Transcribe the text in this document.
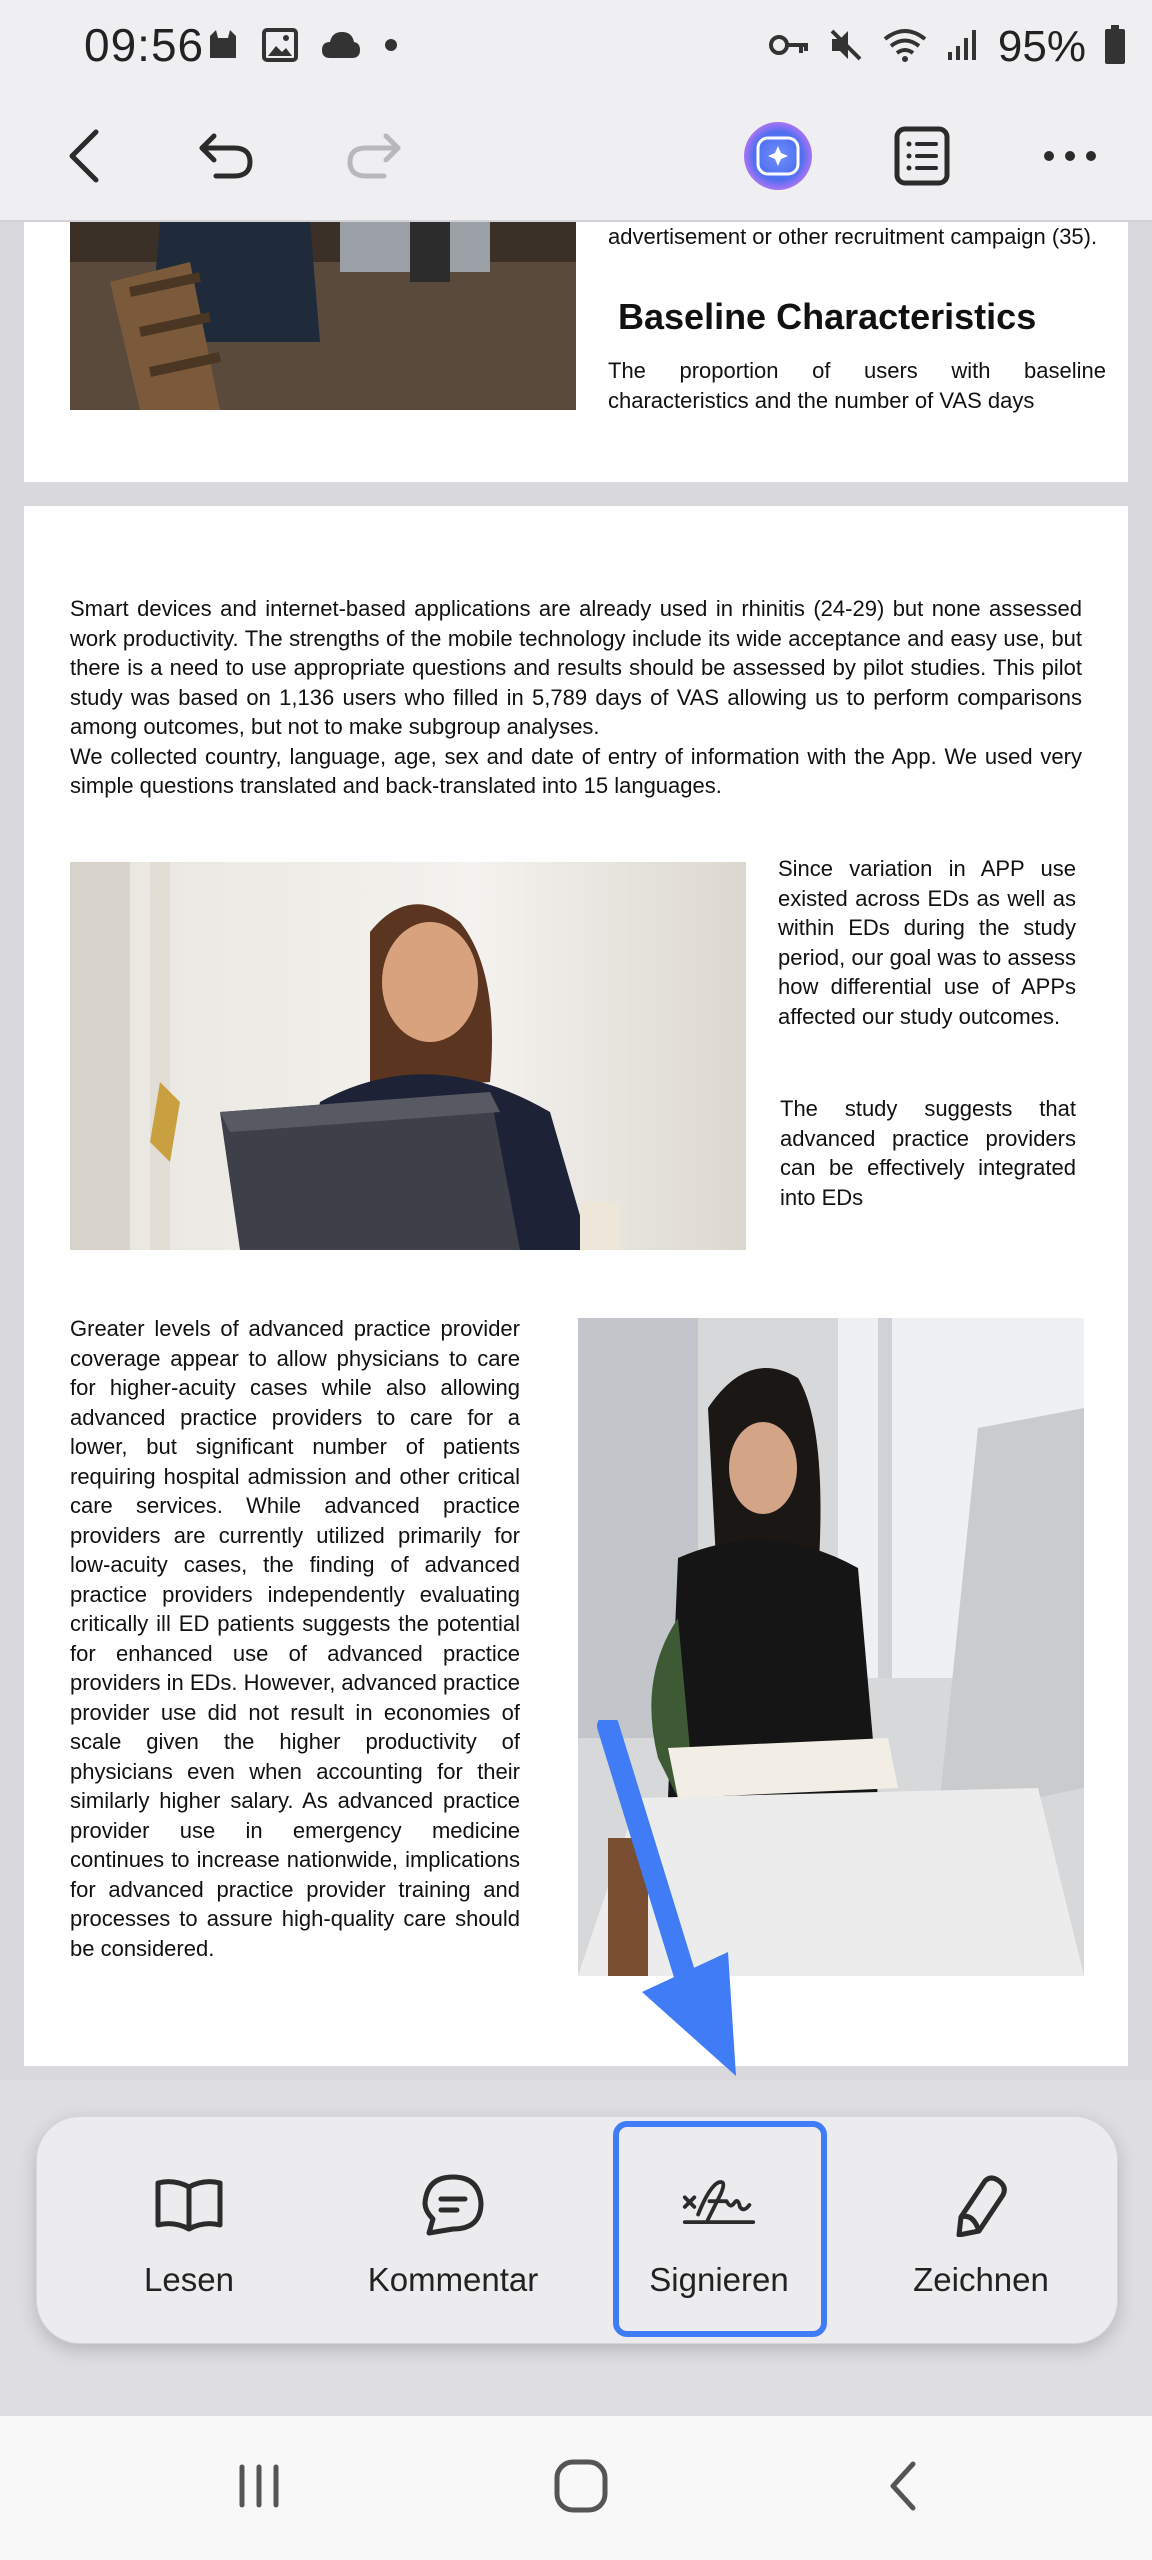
09:56	95%
advertisement or other recruitment campaign (35).
Baseline Characteristics
The proportion of users with baseline characteristics and the number of VAS days
Smart devices and internet-based applications are already used in rhinitis (24-29) but none assessed work productivity. The strengths of the mobile technology include its wide acceptance and easy use, but there is a need to use appropriate questions and results should be assessed by pilot studies. This pilot study was based on 1,136 users who filled in 5,789 days of VAS allowing us to perform comparisons among outcomes, but not to make subgroup analyses.
We collected country, language, age, sex and date of entry of information with the App. We used very simple questions translated and back-translated into 15 languages.
Since variation in APP use existed across EDs as well as within EDs during the study period, our goal was to assess how differential use of APPs affected our study outcomes.
The study suggests that advanced practice providers can be effectively integrated into EDs
Greater levels of advanced practice provider coverage appear to allow physicians to care for higher-acuity cases while also allowing advanced practice providers to care for a lower, but significant number of patients requiring hospital admission and other critical care services. While advanced practice providers are currently utilized primarily for low-acuity cases, the finding of advanced practice providers independently evaluating critically ill ED patients suggests the potential for enhanced use of advanced practice providers in EDs. However, advanced practice provider use did not result in economies of scale given the higher productivity of physicians even when accounting for their similarly higher salary. As advanced practice provider use in emergency medicine continues to increase nationwide, implications for advanced practice provider training and processes to assure high-quality care should be considered.
Lesen	Kommentar	Signieren	Zeichnen
